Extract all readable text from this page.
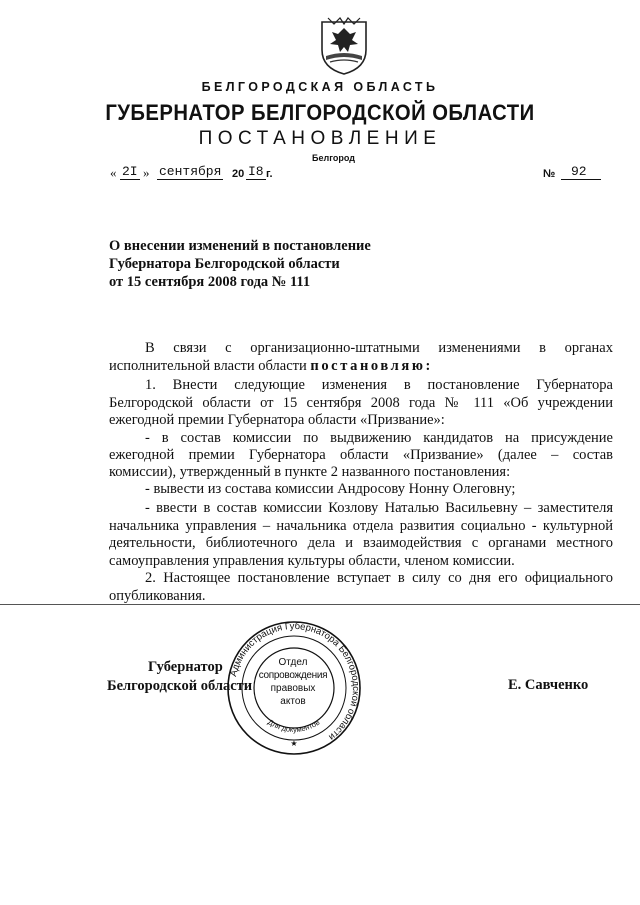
БЕЛГОРОДСКАЯ ОБЛАСТЬ
ГУБЕРНАТОР БЕЛГОРОДСКОЙ ОБЛАСТИ
ПОСТАНОВЛЕНИЕ
Белгород
« 2I » сентября 20 I8 г.	№	92
О внесении изменений в постановление
Губернатора Белгородской области
от 15 сентября 2008 года № 111
В связи с организационно-штатными изменениями в органах
исполнительной власти области постановляю:
1. Внести следующие изменения в постановление Губернатора
Белгородской области от 15 сентября 2008 года № 111 «Об учреждении
ежегодной премии Губернатора области «Призвание»:
- в состав комиссии по выдвижению кандидатов на присуждение
ежегодной премии Губернатора области «Призвание» (далее – состав
комиссии), утвержденный в пункте 2 названного постановления:
- вывести из состава комиссии Андросову Нонну Олеговну;
- ввести в состав комиссии Козлову Наталью Васильевну – заместителя
начальника управления – начальника отдела развития социально - культурной
деятельности, библиотечного дела и взаимодействия с органами местного
самоуправления управления культуры области, членом комиссии.
2. Настоящее постановление вступает в силу со дня его официального
опубликования.
Губернатор
Белгородской области	Е. Савченко
Администрация Губернатора Белгородской области
Для документов
★
Отдел
сопровождения
правовых
актов
